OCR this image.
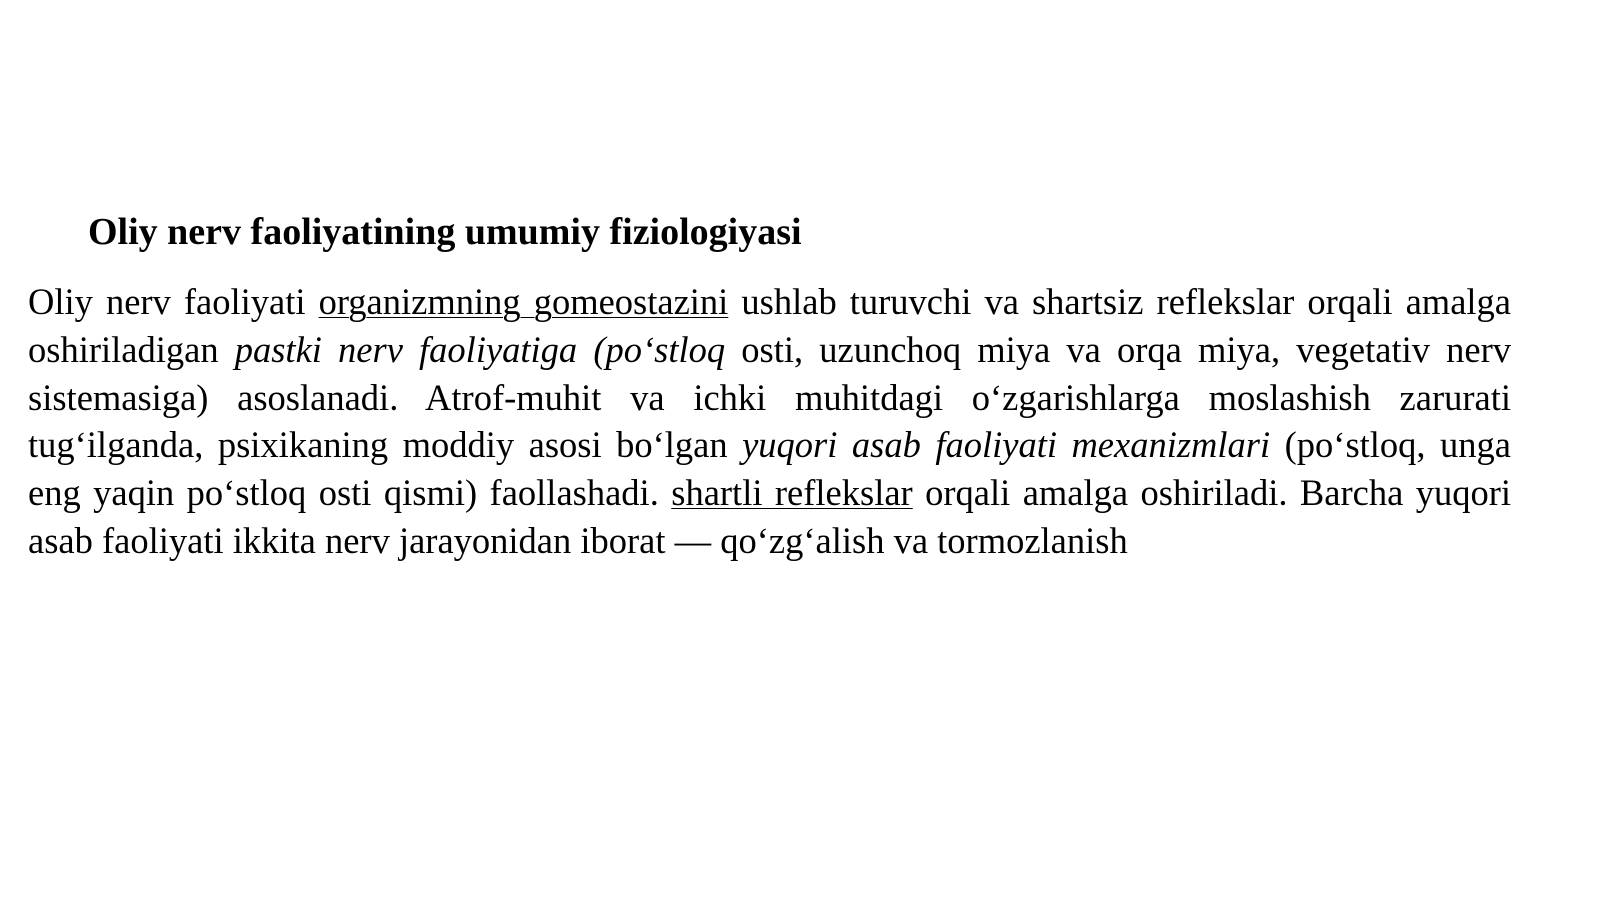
Oliy nerv faoliyatining umumiy fiziologiyasi

Oliy nerv faoliyati organizmning gomeostazini ushlab turuvchi va shartsiz reflekslar orqali amalga oshiriladigan pastki nerv faoliyatiga (po‘stloq osti, uzunchoq miya va orqa miya, vegetativ nerv sistemasiga) asoslanadi. Atrof-muhit va ichki muhitdagi o‘zgarishlarga moslashish zarurati tug‘ilganda, psixikaning moddiy asosi bo‘lgan yuqori asab faoliyati mexanizmlari (po‘stloq, unga eng yaqin po‘stloq osti qismi) faollashadi. shartli reflekslar orqali amalga oshiriladi. Barcha yuqori asab faoliyati ikkita nerv jarayonidan iborat — qo‘zg‘alish va tormozlanish
